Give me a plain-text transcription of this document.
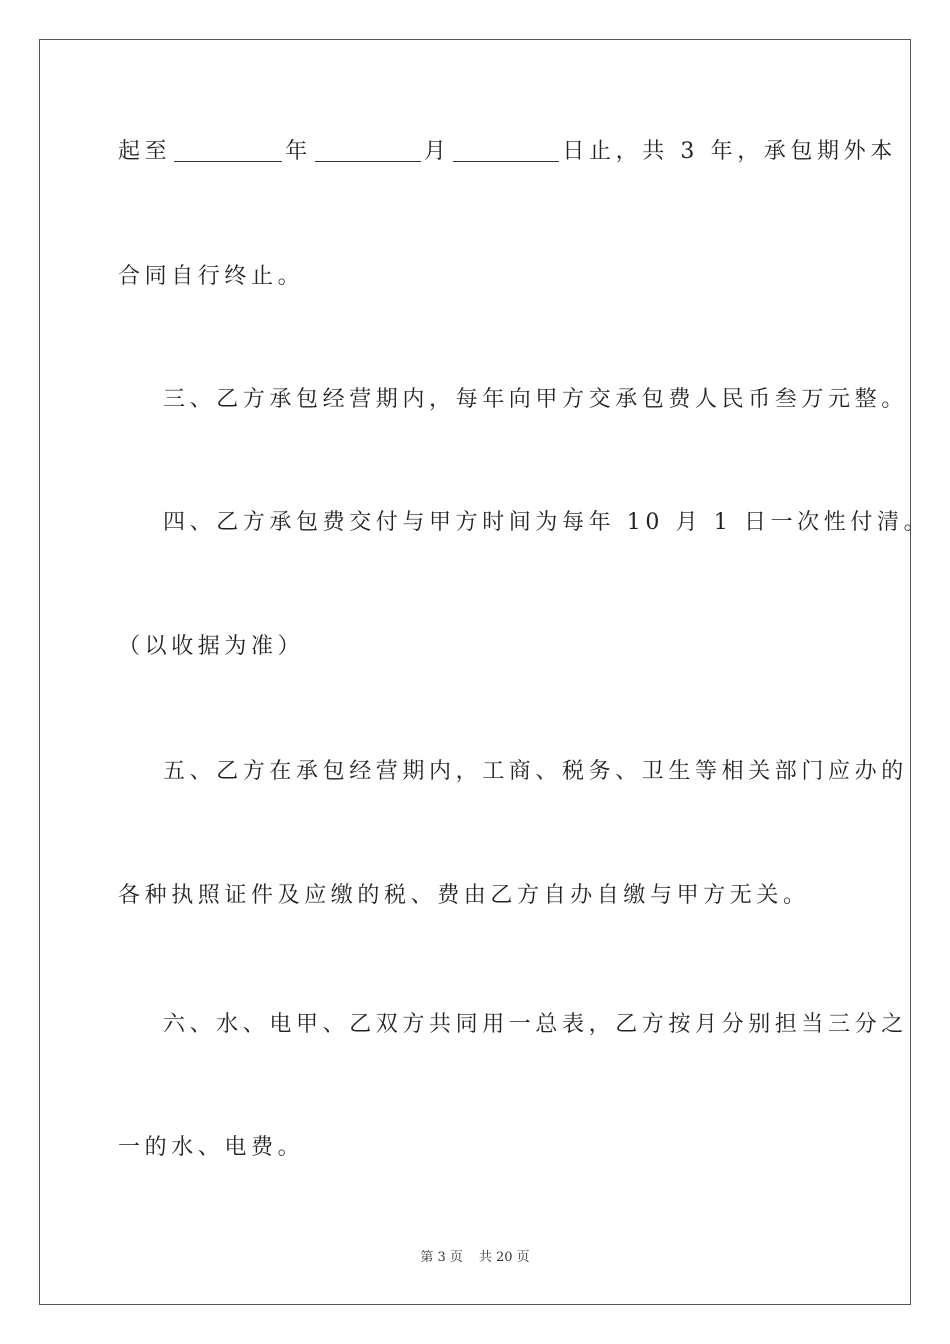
起至	年	月	日止，共 3 年，承包期外本
合同自行终止。
三、乙方承包经营期内，每年向甲方交承包费人民币叁万元整。
四、乙方承包费交付与甲方时间为每年 10 月 1 日一次性付清。
（以收据为准）
五、乙方在承包经营期内，工商、税务、卫生等相关部门应办的
各种执照证件及应缴的税、费由乙方自办自缴与甲方无关。
六、水、电甲、乙双方共同用一总表，乙方按月分别担当三分之
一的水、电费。
第 3 页 共 20 页
